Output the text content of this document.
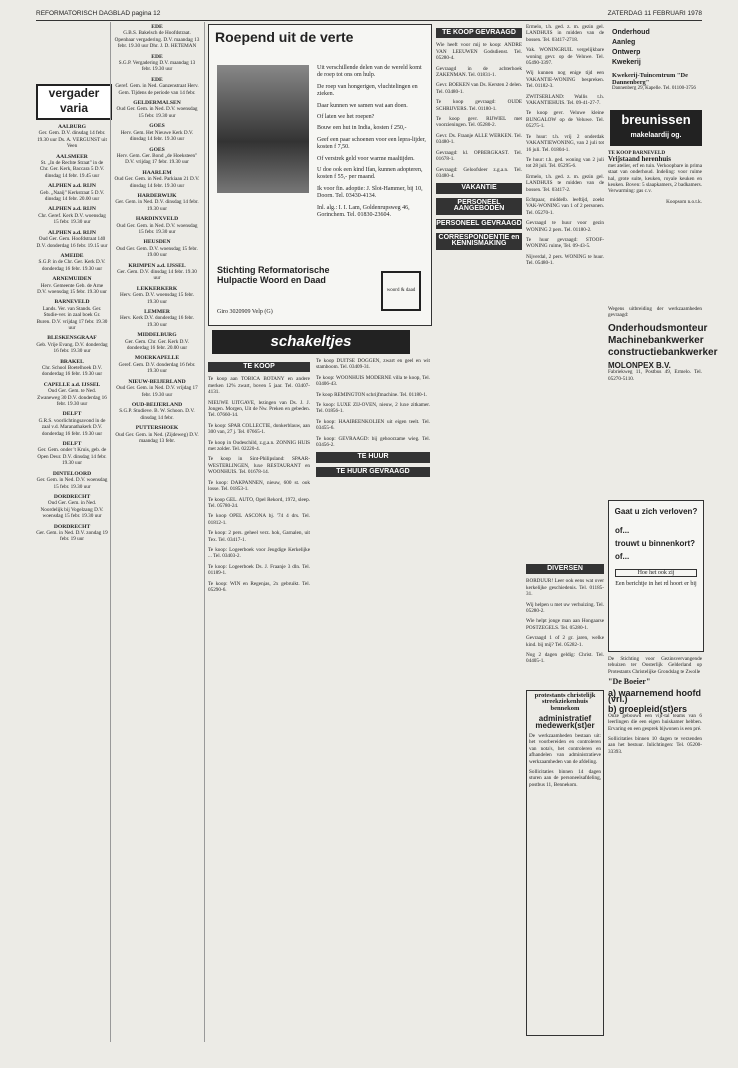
REFORMATORISCH DAGBLAD pagina 12	ZATERDAG 11 FEBRUARI 1978
vergader varia
AALBURG
Ger. Gem. D.V. dinsdag 14 febr. 19.30 uur Ds. A. VERGUNST uit Veen
AALSMEER
St. „In de Rechte Straat" in de Chr. Ger. Kerk, Baccara 5 D.V. dinsdag 14 febr. 19.45 uur
ALPHEN a.d. RIJN
Geb. „Naaij" Kerkstraat 5 D.V. dinsdag 14 febr. 20.00 uur
ALPHEN a.d. RIJN
Chr. Geref. Kerk D.V. woensdag 15 febr. 19.30 uur
ALPHEN a.d. RIJN
Oud Ger. Gem. Hoofdstraat 140 D.V. donderdag 16 febr. 19.15 uur
AMEIDE
S.G.P. in de Chr. Ger. Kerk D.V. donderdag 16 febr. 19.30 uur
ARNEMUIDEN
Herv. Gemeente Geb. de Arne D.V. woensdag 15 febr. 19.30 uur
BARNEVELD
Lands. Ver. van Stands. Ger. Studie-ver. in zaal boek Gr. Buren. D.V. vrijdag 17 febr. 19.30 uur
BLESKENSGRAAF
Geb. Vrije Evang. D.V. donderdag 16 febr. 19.30 uur
BRAKEL
Chr. School Boetelhoek D.V. donderdag 16 febr. 19.30 uur
CAPELLE a.d. IJSSEL
Oud Ger. Gem. te Ned. Zwaneweg 30 D.V. donderdag 16 febr. 19.30 uur
DELFT
G.R.S. voorlichtingsavond in de zaal v.d. Maranathakerk D.V. donderdag 16 febr. 19.30 uur
DELFT
Ger. Gem. onder 't Kruis, geb. de Open Deur. D.V. dinsdag 14 febr. 19.30 uur
DINTELOORD
Ger. Gem. in Ned. D.V. woensdag 15 febr. 19.30 uur
DORDRECHT
Oud Ger. Gem. in Ned. Noordelijk bij Vogelzang D.V. woensdag 15 febr. 19.30 uur
DORDRECHT
Ger. Gem. in Ned. D.V. zondag 19 febr. 19 uur
EDE
G.B.S. Bakelsch de Hoofdstraat. Openbaar vergadering. D.V. maandag 13 febr. 19.30 uur Dhr. J. D. HETEMAN
EDE
S.G.P. Vergadering D.V. maandag 13 febr. 19.30 uur
EDE
Geref. Gem. in Ned. Ganzenstraat Herv. Gem. Tijdens de periode van 14 febr.
GELDERMALSEN
Oud Ger. Gem. in Ned. D.V. woensdag 15 febr. 19.30 uur
GOES
Herv. Gem. Het Nieuwe Kerk D.V. dinsdag 14 febr. 19.30 uur
GOES
Herv. Gem. Ger. Bond „de Hoeksteen" D.V. vrijdag 17 febr. 19.30 uur
HAARLEM
Oud Ger. Gem. in Ned. Parkiaan 21 D.V. dinsdag 14 febr. 19.30 uur
HARDERWIJK
Ger. Gem. in Ned. D.V. dinsdag 14 febr. 19.30 uur
HARDINXVELD
Oud Ger. Gem. in Ned. D.V. woensdag 15 febr. 19.30 uur
HEUSDEN
Oud Ger. Gem. D.V. woensdag 15 febr. 19.00 uur
KRIMPEN a.d. IJSSEL
Ger. Gem. D.V. dinsdag 14 febr. 19.30 uur
LEKKERKERK
Herv. Gem. D.V. woensdag 15 febr. 19.30 uur
LEMMER
Herv. Kerk D.V. donderdag 16 febr. 19.30 uur
MIDDELBURG
Ger. Gem. Chr. Ger. Kerk D.V. donderdag 16 febr. 20.00 uur
MOERKAPELLE
Geref. Gem. D.V. donderdag 16 febr. 19.30 uur
NIEUW-BEIJERLAND
Oud Ger. Gem. in Ned. D.V. vrijdag 17 febr. 19.30 uur
OUD-BEIJERLAND
S.G.P. Studieve. B. W. Schoon. D.V. dinsdag 14 febr.
PUTTERSHOEK
Oud Ger. Gem. in Ned. (Zijdeweg) D.V. maandag 13 febr.
Roepend uit de verte

Uit verschillende delen van de wereld komt de roep tot ons om hulp.

De roep van hongerigen, vluchtelingen en zieken.

Daar kunnen we samen wat aan doen.

Of laten we het roepen?

Bouw een hut in India, kosten f 250,-

Geef een paar schoenen voor een lepra-lijder, kosten f 7,50.

Of verstrek geld voor warme maaltijden.

U doe ook een kind Ifan, kunnen adopteren, kosten f 55,- per maand.

Ik voor fin. adoptie: J. Slot-Hammer, bij 10, Doorn. Tel. 03430-4134.

Inl. alg.: I. I. Lam, Goldenrupsweg 46, Gorinchem. Tel. 01830-23604.

Stichting Reformatorische Hulpactie Woord en Daad
Giro 3020909 Velp (G)
woord & daad
schakeltjes
TE KOOP

Te koop aan TOBICA BOTANY en andere merken 12% zwart, boven 5 jaar. Tel. 03407-4131.

NIEUWE UITGAVE, lezingen van Ds. J. J. Jongen. Morgen, Uit de Nw. Preken en gebeden. Tel. 07660-14.

Te koop: SPAR COLLECTIE, donkerblauw, aan 300 van, 27 j. Tel. 07665-1.

Te koop in Oudeschild, z.g.a.n. ZONNIG HUIS met zolder. Tel. 02220-4.

Te koop in Sint-Philipsland: SPAAR-WESTERLINGEN, luxe RESTAURANT en WOONHUIS. Tel. 01678-14.

Te koop: DAKPANNEN, nieuw, 600 st. ook losse. Tel. 01853-1.

Te koop GEL. AUTO, Opel Rekord, 1972, sleep. Tel. 05780-24.

Te koop OPEL ASCONA bj. '74 4 drs. Tel. 01812-1.

Te koop: 2 pers. geheel verz. hok, Garnalen, uit Tex. Tel. 03417-1.

Te koop: Logeerboek voor Jeugdige Kerkelijke ... Tel. 03403-2.

Te koop: Logeerboek Ds. J. Fraanje 3 dln. Tel. 01189-1.

Te koop: WIN en Regenjas, 2x gebruikt. Tel. 05290-6.

Te koop DUITSE DOGGEN, zwart en geel en wit stamboom. Tel. 03409-31.

Te koop: WOONHUIS MODERNE villa te koop, Tel. 03406-43.

Te koop REMINGTON schrijfmachine. Tel. 01180-1.

Te koop: LUXE ZIJ-OVEN, nieuw, 2 luxe zitkamer. Tel. 01856-1.

Te koop: HAAIBEENKOLIEN uit eigen teelt. Tel. 03455-6.

Te koop: GEVRAAGD: bij gehoorzame wieg. Tel. 03456-2.

TE HUUR
TE HUUR GEVRAAGD
TE KOOP GEVRAAGD

Wie heeft voor mij te koop: ANDRE VAN LEEUWEN Godsdienst. Tel. 05280-4.

Gevraagd in de achterhoek ZAKENMAN. Tel. 01831-1.

Gevr. BOEKEN van Ds. Kersten 2 delen. Tel. 03480-1.

Te koop gevraagd: OUDE SCHRIJVERS. Tel. 01180-1.

Te koop gevr. RIJWIEL met voorzieningen. Tel. 05280-2.

Gevr. Ds. Fraanje ALLE WERKEN. Tel. 03480-1.

Gevraagd: kl. OPBERGKAST. Tel. 01678-1.

Gevraagd: Geloofsleer z.g.a.n. Tel. 03480-4.

VAKANTIE
PERSONEEL AANGEBODEN
PERSONEEL GEVRAAGD
CORRESPONDENTIE en KENNISMAKING

Ermelo, t.h. ged. z. m. gezin gel. LANDHUIS in midden van de bossen. Tel. 03417-2718.

Vak. WONINGRUIL vergelijkbare woning gevr. op de Veluwe. Tel. 05490-3397.

Wij kunnen nog enige tijd een VAKANTIE-WONING bespreken. Tel. 01182-3.

ZWITSERLAND: Wallis t.h. VAKANTIEHUIS. Tel. 09-41-27-7.

Te koop gevr. Veluwe kleine BUNGALOW op de Veluwe. Tel. 05275-1.

Te huur: t.h. vrij 2 onderdak VAKANTIEWONING, van 2 juli tot 16 juli. Tel. 01804-1.

Te huur: t.h. ged. woning van 2 juli tot 28 juli. Tel. 05295-6.

Ermelo, t.h. ged. z. m. gezin gel. LANDHUIS te midden van de bossen. Tel. 03417-2.

Echtpaar, middelb. leeftijd, zoekt VAK-WONING van 1 of 2 personen. Tel. 05270-1.

Gevraagd te huur voor gezin WONING 2 pers. Tel. 01180-2.

Te huur gevraagd: STOOF-WONING ruime, Tel. 09-43-5.

Nijverdal, 2 pers. WONING te huur. Tel. 05480-1.

Onderhoud
Aanleg
Ontwerp
Kwekerij
Kwekerij-Tuincentrum "De Dannenberg"
Dannenberg 29, Kapelle. Tel. 01100-3756
breunissen
makelaardij og.
TE KOOP BARNEVELD
Vrijstaand herenhuis

met atelier, erf en tuin. Verkoopbare in prima staat van onderhoud. Indeling: voor ruime hal, grote suite, keuken, royale keuken en keuken. Boven: 5 slaapkamers, 2 badkamers. Verwarming: gas c.v.

Koopsom n.o.t.k.

Wegens uitbreiding der werkzaamheden gevraagd:

Onderhoudsmonteur Machinebankwerker constructiebankwerker
MOLONPEX B.V.

Fabriekweg 11, Postbus 49, Ermelo. Tel. 05270-5110.

Gaat u zich verloven?
of...
trouwt u binnenkort?
of...
Hoe het ook zij
Een berichtje in het rd hoort er bij

De Stichting voor Gezinsvervangende tehuizen ter Oosterlijk Gelderland op Protestants Christelijke Grondslag te Zwolle

"De Boeier"
a) waarnemend hoofd (vrl.)
b) groepleid(st)ers

Onze gebouwd een vijf-tal teams van 6 leerlingen die een eigen huiskamer hebben. Ervaring en een gesprek bijwonen is een pré.

Sollicitaties binnen 10 dagen te verzenden aan het bestuur. Inlichtingen: Tel. 05200-33393.

protestants christelijk streekziekenhuis bennekom
administratief medewerk(st)er

De werkzaamheden bestaan uit: het voorbereiden en controleren van nota's, het controleren en afhandelen van administratieve werkzaamheden van de afdeling.

Sollicitaties binnen 14 dagen sturen aan de personeelsafdeling, postbus 11, Bennekom.

DIVERSEN

BORDUUR! Leer ook eens wat over kerkelijke geschiedenis. Tel. 01185-31.

Wij helpen u met uw verhuizing. Tel. 05280-2.

Wie helpt jonge man aan Hongaarse POSTZEGELS. Tel. 05280-1.

Gevraagd 1 of 2 gr. jaren, welke kind. bij mij? Tel. 05282-1.

Nog 2 dagen geldig: Christ. Tel. 04405-1.
